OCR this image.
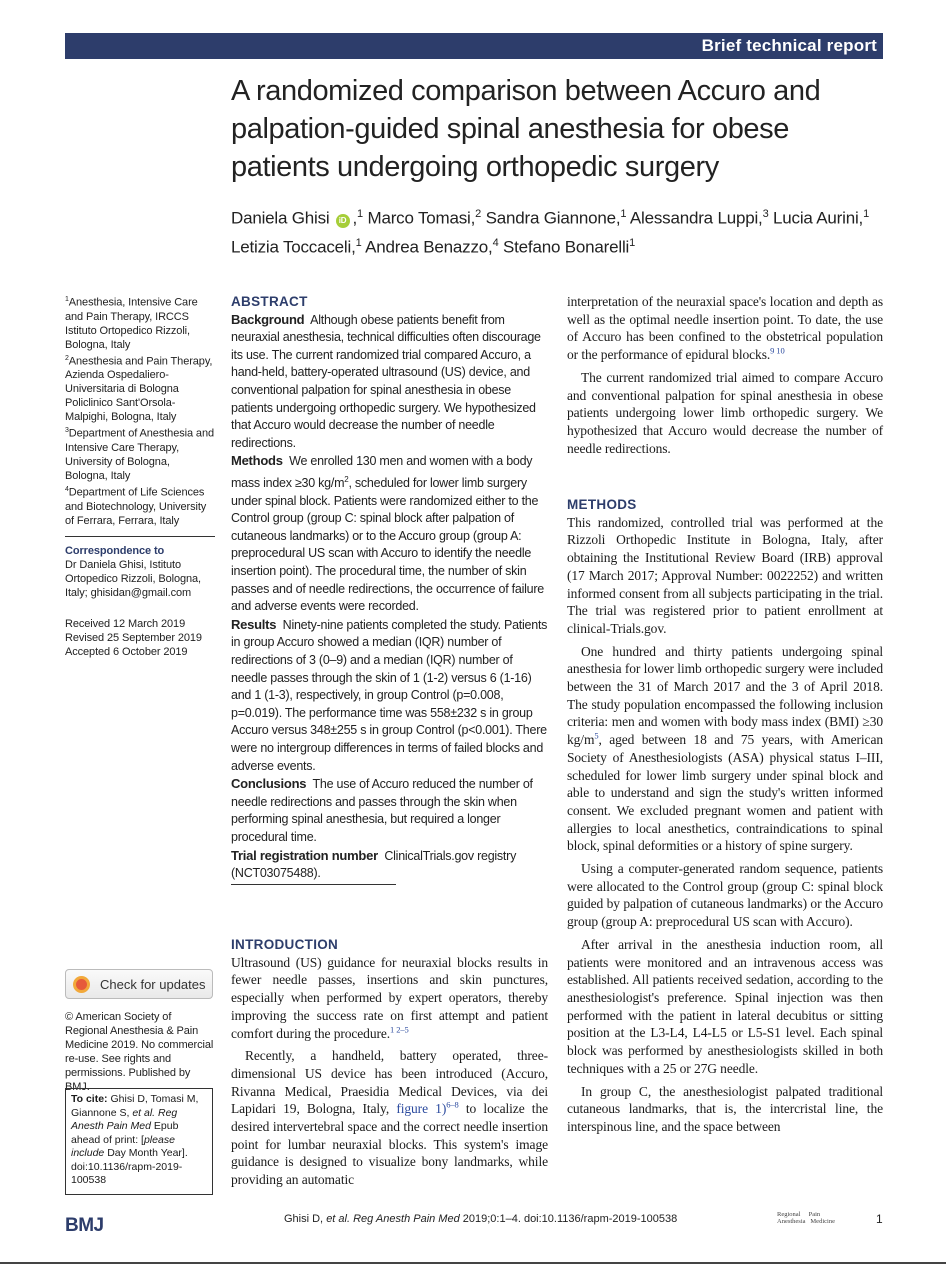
Brief technical report
A randomized comparison between Accuro and palpation-guided spinal anesthesia for obese patients undergoing orthopedic surgery
Daniela Ghisi iD ,$^1$ Marco Tomasi,$^2$ Sandra Giannone,$^1$ Alessandra Luppi,$^3$ Lucia Aurini,$^1$
Letizia Toccaceli,$^1$ Andrea Benazzo,$^4$ Stefano Bonarelli$^1$
$^1$Anesthesia, Intensive Care and Pain Therapy, IRCCS Istituto Ortopedico Rizzoli, Bologna, Italy
$^2$Anesthesia and Pain Therapy, Azienda Ospedaliero-Universitaria di Bologna Policlinico Sant'Orsola-Malpighi, Bologna, Italy
$^3$Department of Anesthesia and Intensive Care Therapy, University of Bologna, Bologna, Italy
$^4$Department of Life Sciences and Biotechnology, University of Ferrara, Ferrara, Italy
Correspondence to
Dr Daniela Ghisi, Istituto Ortopedico Rizzoli, Bologna, Italy; ghisidan@gmail.com
Received 12 March 2019
Revised 25 September 2019
Accepted 6 October 2019
Check for updates
© American Society of Regional Anesthesia & Pain Medicine 2019. No commercial re-use. See rights and permissions. Published by BMJ.
To cite: Ghisi D, Tomasi M, Giannone S, et al. Reg Anesth Pain Med Epub ahead of print: [please include Day Month Year]. doi:10.1136/rapm-2019-100538
ABSTRACT
Background Although obese patients benefit from neuraxial anesthesia, technical difficulties often discourage its use. The current randomized trial compared Accuro, a hand-held, battery-operated ultrasound (US) device, and conventional palpation for spinal anesthesia in obese patients undergoing orthopedic surgery. We hypothesized that Accuro would decrease the number of needle redirections.
Methods We enrolled 130 men and women with a body mass index ≥30 $kg/m^2$, scheduled for lower limb surgery under spinal block. Patients were randomized either to the Control group (group C: spinal block after palpation of cutaneous landmarks) or to the Accuro group (group A: preprocedural US scan with Accuro to identify the needle insertion point). The procedural time, the number of skin passes and of needle redirections, the occurrence of failure and adverse events were recorded.
Results Ninety-nine patients completed the study. Patients in group Accuro showed a median (IQR) number of redirections of 3 (0–9) and a median (IQR) number of needle passes through the skin of 1 (1-2) versus 6 (1-16) and 1 (1-3), respectively, in group Control (p=0.008, p=0.019). The performance time was 558±232 s in group Accuro versus 348±255 s in group Control (p<0.001). There were no intergroup differences in terms of failed blocks and adverse events.
Conclusions The use of Accuro reduced the number of needle redirections and passes through the skin when performing spinal anesthesia, but required a longer procedural time.
Trial registration number ClinicalTrials.gov registry (NCT03075488).
INTRODUCTION

Ultrasound (US) guidance for neuraxial blocks results in fewer needle passes, insertions and skin punctures, especially when performed by expert operators, thereby improving the success rate on first attempt and patient comfort during the procedure.$^{1 2-5}$

Recently, a handheld, battery operated, three-dimensional US device has been introduced (Accuro, Rivanna Medical, Praesidia Medical Devices, via dei Lapidari 19, Bologna, Italy, figure 1)$^{6-8}$ to localize the desired intervertebral space and the correct needle insertion point for lumbar neuraxial blocks. This system's image guidance is designed to visualize bony landmarks, while providing an automatic

interpretation of the neuraxial space's location and depth as well as the optimal needle insertion point. To date, the use of Accuro has been confined to the obstetrical population or the performance of epidural blocks.$^{9 10}$

The current randomized trial aimed to compare Accuro and conventional palpation for spinal anesthesia in obese patients undergoing lower limb orthopedic surgery. We hypothesized that Accuro would decrease the number of needle redirections.

METHODS

This randomized, controlled trial was performed at the Rizzoli Orthopedic Institute in Bologna, Italy, after obtaining the Institutional Review Board (IRB) approval (17 March 2017; Approval Number: 0022252) and written informed consent from all subjects participating in the trial. The trial was registered prior to patient enrollment at clinical-Trials.gov.

One hundred and thirty patients undergoing spinal anesthesia for lower limb orthopedic surgery were included between the 31 of March 2017 and the 3 of April 2018. The study population encompassed the following inclusion criteria: men and women with body mass index (BMI) ≥30 $kg/m^5$, aged between 18 and 75 years, with American Society of Anesthesiologists (ASA) physical status I–III, scheduled for lower limb surgery under spinal block and able to understand and sign the study's written informed consent. We excluded pregnant women and patient with allergies to local anesthetics, contraindications to spinal block, spinal deformities or a history of spine surgery.

Using a computer-generated random sequence, patients were allocated to the Control group (group C: spinal block guided by palpation of cutaneous landmarks) or the Accuro group (group A: preprocedural US scan with Accuro).

After arrival in the anesthesia induction room, all patients were monitored and an intravenous access was established. All patients received sedation, according to the anesthesiologist's preference. Spinal injection was then performed with the patient in lateral decubitus or sitting position at the L3-L4, L4-L5 or L5-S1 level. Each spinal block was performed by anesthesiologists skilled in both techniques with a 25 or 27G needle.

In group C, the anesthesiologist palpated traditional cutaneous landmarks, that is, the intercristal line, the interspinous line, and the space between

BMJ	Ghisi D, et al. Reg Anesth Pain Med 2019;0:1–4. doi:10.1136/rapm-2019-100538	Regional Pain
Anesthesia Medicine	1
